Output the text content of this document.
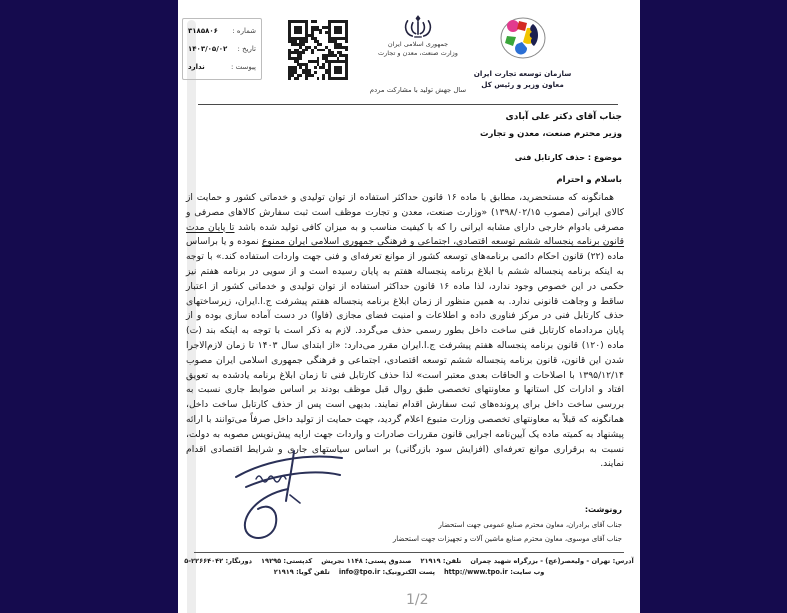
شماره :
۳۱۸۵۸۰۶
تاریخ :
۱۴۰۳/۰۵/۰۲
پیوست :
ندارد
جمهوری اسلامی ایران
وزارت صنعت، معدن و تجارت
سال جهش تولید با مشارکت مردم
سازمان توسعه تجارت ایران
معاون وزیر و رئیس کل
جناب آقای دکتر علی آبادی
وزیر محترم صنعت، معدن و تجارت
موضوع : حذف کارتابل فنی
باسلام و احترام
همانگونه که مستحضرید، مطابق با ماده ۱۶ قانون حداکثر استفاده از توان تولیدی و خدماتی کشور و حمایت از کالای ایرانی (مصوب ۱۳۹۸/۰۲/۱۵) «وزارت صنعت، معدن و تجارت موظف است ثبت سفارش کالاهای مصرفی و مصرفی بادوام خارجی دارای مشابه ایرانی را که با کیفیت مناسب و به میزان کافی تولید شده باشد تا پایان مدت قانون برنامه پنجساله ششم توسعه اقتصادی، اجتماعی و فرهنگی جمهوری اسلامی ایران ممنوع نموده و یا براساس ماده (۲۲) قانون احکام دائمی برنامه‌های توسعه کشور از موانع تعرفه‌ای و فنی جهت واردات استفاده کند.» با توجه به اینکه برنامه پنجساله ششم با ابلاغ برنامه پنجساله هفتم به پایان رسیده است و از سویی در برنامه هفتم نیز حکمی در این خصوص وجود ندارد، لذا ماده ۱۶ قانون حداکثر استفاده از توان تولیدی و خدماتی کشور از اعتبار ساقط و وجاهت قانونی ندارد. به همین منظور از زمان ابلاغ برنامه پنجساله هفتم پیشرفت ج.ا.ایران، زیرساختهای حذف کارتابل فنی در مرکز فناوری داده و اطلاعات و امنیت فضای مجازی (فاوا) در دست آماده سازی بوده و از پایان مردادماه کارتابل فنی ساخت داخل بطور رسمی حذف می‌گردد. لازم به ذکر است با توجه به اینکه بند (ت) ماده (۱۲۰) قانون برنامه پنجساله هفتم پیشرفت ج.ا.ایران مقرر می‌دارد: «از ابتدای سال ۱۴۰۳ تا زمان لازم‌الاجرا شدن این قانون، قانون برنامه پنجساله ششم توسعه اقتصادی، اجتماعی و فرهنگی جمهوری اسلامی ایران مصوب ۱۳۹۵/۱۲/۱۴ با اصلاحات و الحاقات بعدی معتبر است» لذا حذف کارتابل فنی تا زمان ابلاغ برنامه یادشده به تعویق افتاد و ادارات کل استانها و معاونتهای تخصصی طبق روال قبل موظف بودند بر اساس ضوابط جاری نسبت به بررسی ساخت داخل برای پرونده‌های ثبت سفارش اقدام نمایند. بدیهی است پس از حذف کارتابل ساخت داخل، همانگونه که قبلاً به معاونتهای تخصصی وزارت متبوع اعلام گردید، جهت حمایت از تولید داخل صرفاً می‌توانند با ارائه پیشنهاد به کمیته ماده یک آیین‌نامه اجرایی قانون مقررات صادرات و واردات جهت ارایه پیش‌نویس مصوبه به دولت، نسبت به برقراری موانع تعرفه‌ای (افزایش سود بازرگانی) بر اساس سیاستهای جاری و شرایط اقتصادی اقدام نمایند.
رونوشت:
جناب آقای برادران، معاون محترم صنایع عمومی جهت استحضار
جناب آقای موسوی، معاون محترم صنایع ماشین آلات و تجهیزات جهت استحضار
آدرس: تهران - ولیعصر(عج) - بزرگراه شهید چمران
تلفن: ۲۱۹۱۹
صندوق پستی: ۱۱۴۸ تجریش
کدپستی: ۱۹۲۹۵
دورنگار: ۲۲۶۶۴۰۴۲-۵
وب سایت: http://www.tpo.ir
پست الکترونیک: info@tpo.ir
تلفن گویا: ۲۱۹۱۹
1/2
